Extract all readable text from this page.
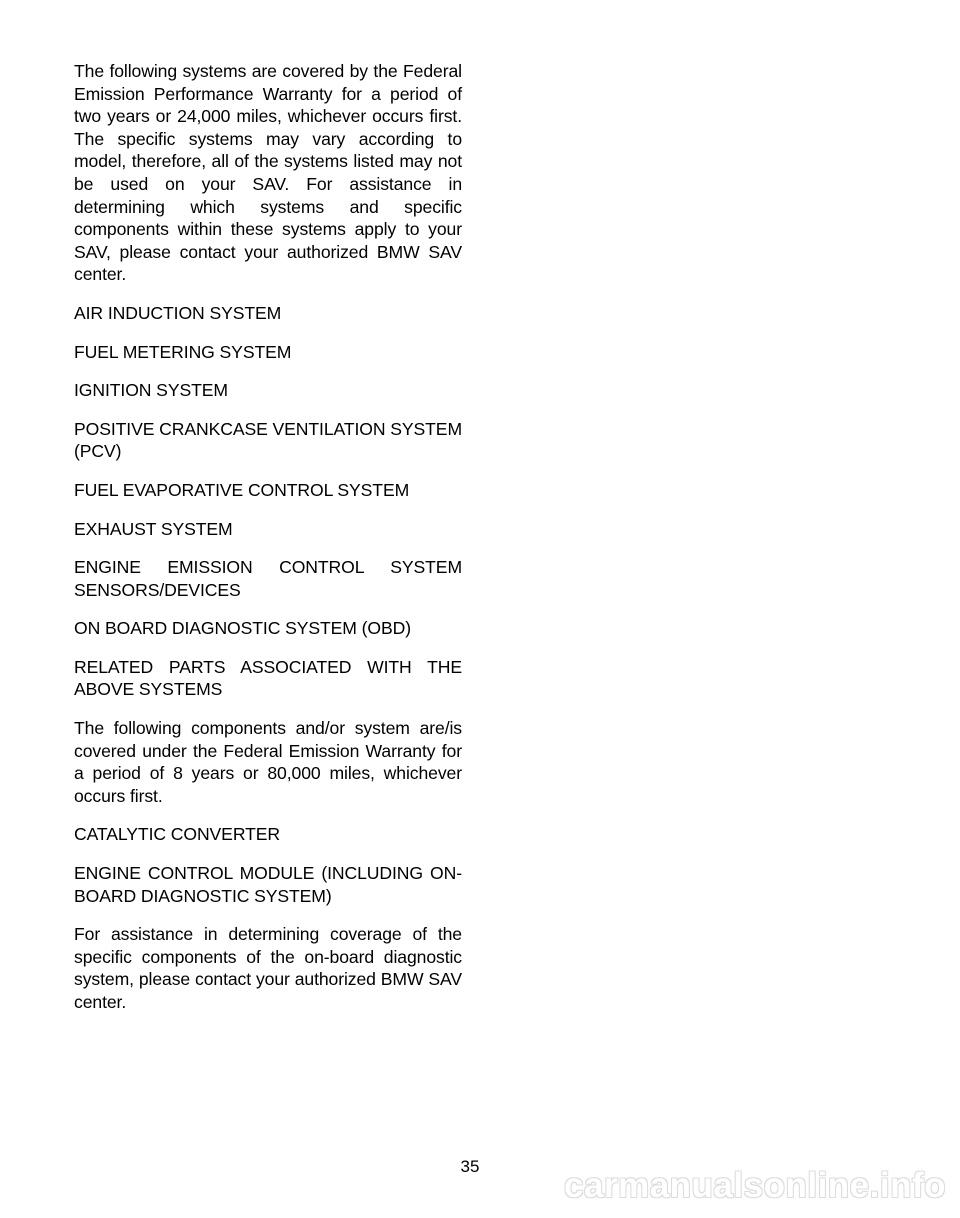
The following systems are covered by the Federal Emission Performance Warranty for a period of two years or 24,000 miles, whichever occurs first. The specific systems may vary according to model, therefore, all of the systems listed may not be used on your SAV. For assistance in determining which systems and specific components within these systems apply to your SAV, please contact your authorized BMW SAV center.

AIR INDUCTION SYSTEM
FUEL METERING SYSTEM
IGNITION SYSTEM
POSITIVE CRANKCASE VENTILATION SYSTEM (PCV)
FUEL EVAPORATIVE CONTROL SYSTEM
EXHAUST SYSTEM
ENGINE EMISSION CONTROL SYSTEM SENSORS/DEVICES
ON BOARD DIAGNOSTIC SYSTEM (OBD)
RELATED PARTS ASSOCIATED WITH THE ABOVE SYSTEMS

The following components and/or system are/is covered under the Federal Emission Warranty for a period of 8 years or 80,000 miles, whichever occurs first.

CATALYTIC CONVERTER
ENGINE CONTROL MODULE (INCLUDING ON-BOARD DIAGNOSTIC SYSTEM)

For assistance in determining coverage of the specific components of the on-board diagnostic system, please contact your authorized BMW SAV center.

35	carmanualsonline.info
